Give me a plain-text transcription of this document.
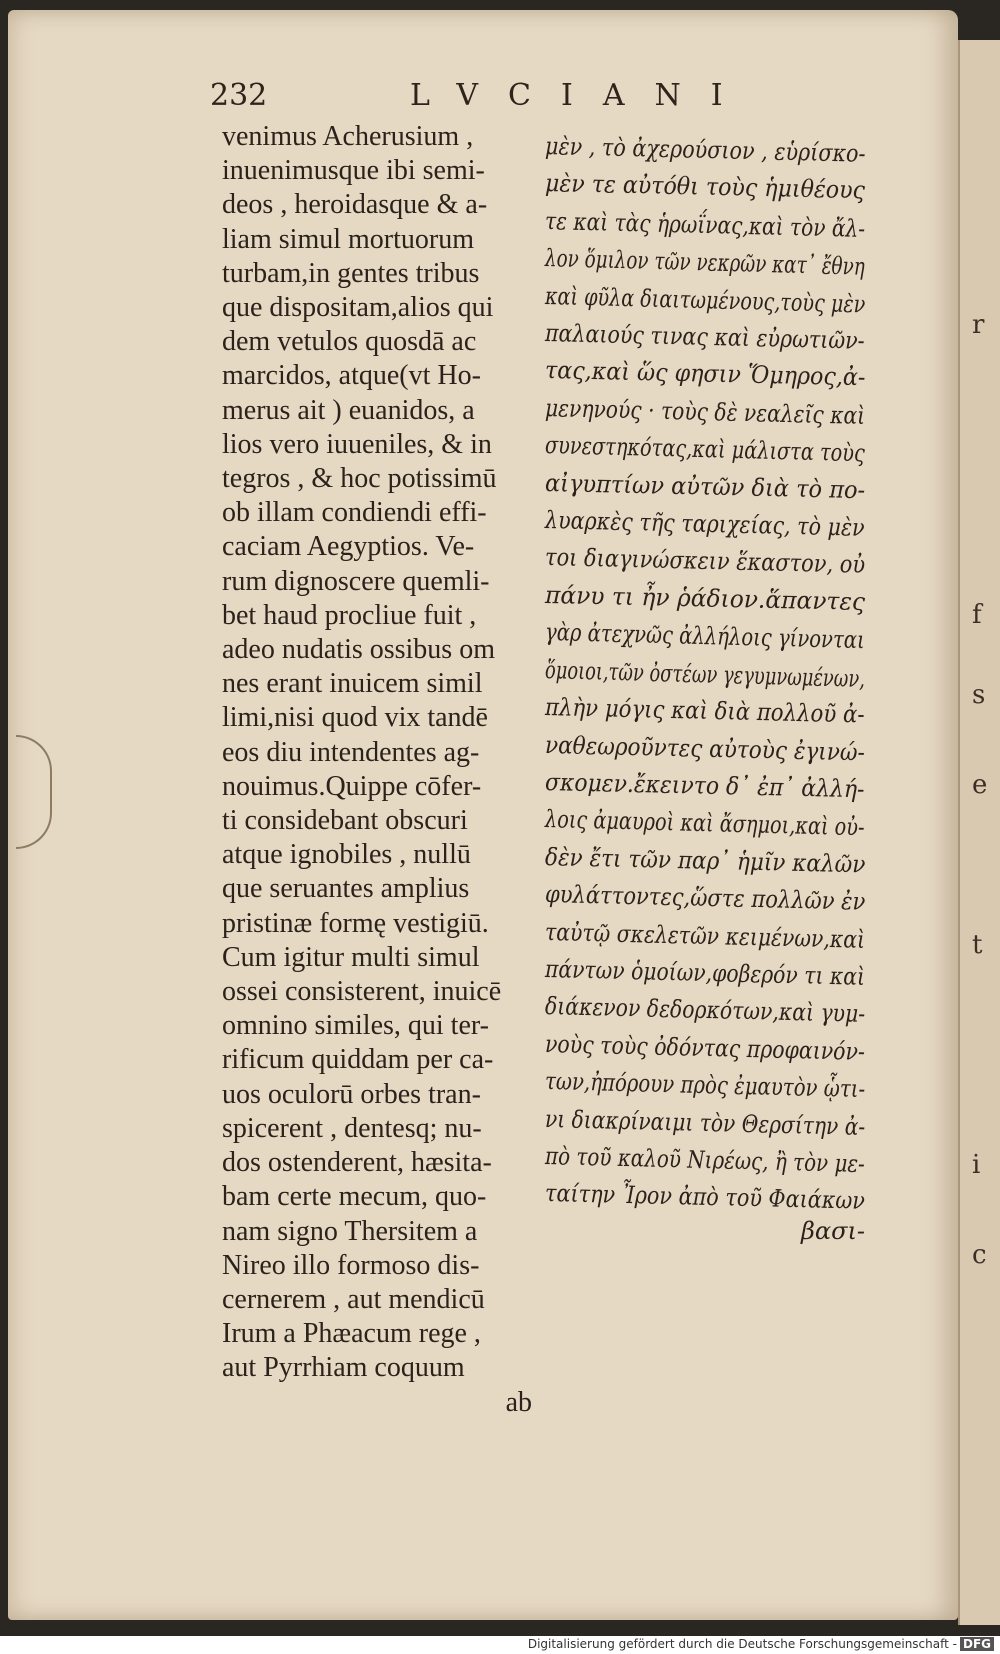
r
f
s
e
t
i
c
232	LVCIANI
venimus Acherusium ,
inuenimusque ibi semi-
deos , heroidasque & a-
liam simul mortuorum
turbam,in gentes tribus
que dispositam,alios qui
dem vetulos quosdā ac
marcidos, atque(vt Ho-
merus ait ) euanidos, a
lios vero iuueniles, & in
tegros , & hoc potissimū
ob illam condiendi effi-
caciam Aegyptios. Ve-
rum dignoscere quemli-
bet haud procliue fuit ,
adeo nudatis ossibus om
nes erant inuicem simil
limi,nisi quod vix tandē
eos diu intendentes ag-
nouimus.Quippe cōfer-
ti considebant obscuri
atque ignobiles , nullū
que seruantes amplius
pristinæ formę vestigiū.
Cum igitur multi simul
ossei consisterent, inuicē
omnino similes, qui ter-
rificum quiddam per ca-
uos oculorū orbes tran-
spicerent , dentesq; nu-
dos ostenderent, hæsita-
bam certe mecum, quo-
nam signo Thersitem a
Nireo illo formoso dis-
cernerem , aut mendicū
Irum a Phæacum rege ,
aut Pyrrhiam coquum
ab
μὲν , τὸ ἀχερούσιον , εὑρίσκο-
μὲν τε αὐτόθι τοὺς ἡμιθέους
τε καὶ τὰς ἡρωΐνας,καὶ τὸν ἄλ-
λον ὅμιλον τῶν νεκρῶν κατ᾽ ἔθνη
καὶ φῦλα διαιτωμένους,τοὺς μὲν
παλαιούς τινας καὶ εὐρωτιῶν-
τας,καὶ ὥς φησιν Ὅμηρος,ἀ-
μενηνούς · τοὺς δὲ νεαλεῖς καὶ
συνεστηκότας,καὶ μάλιστα τοὺς
αἰγυπτίων αὐτῶν διὰ τὸ πο-
λυαρκὲς τῆς ταριχείας, τὸ μὲν
τοι διαγινώσκειν ἕκαστον, οὐ
πάνυ τι ἦν ῥάδιον.ἅπαντες
γὰρ ἀτεχνῶς ἀλλήλοις γίνονται
ὅμοιοι,τῶν ὀστέων γεγυμνωμένων,
πλὴν μόγις καὶ διὰ πολλοῦ ἀ-
ναθεωροῦντες αὐτοὺς ἐγινώ-
σκομεν.ἔκειντο δ᾽ ἐπ᾽ ἀλλή-
λοις ἀμαυροὶ καὶ ἄσημοι,καὶ οὐ-
δὲν ἔτι τῶν παρ᾽ ἡμῖν καλῶν
φυλάττοντες,ὥστε πολλῶν ἐν
ταὐτῷ σκελετῶν κειμένων,καὶ
πάντων ὁμοίων,φοβερόν τι καὶ
διάκενον δεδορκότων,καὶ γυμ-
νοὺς τοὺς ὀδόντας προφαινόν-
των,ἠπόρουν πρὸς ἐμαυτὸν ᾧτι-
νι διακρίναιμι τὸν Θερσίτην ἀ-
πὸ τοῦ καλοῦ Νιρέως, ἢ τὸν με-
ταίτην Ἶρον ἀπὸ τοῦ Φαιάκων
βασι-
Digitalisierung gefördert durch die Deutsche Forschungsgemeinschaft - DFG
